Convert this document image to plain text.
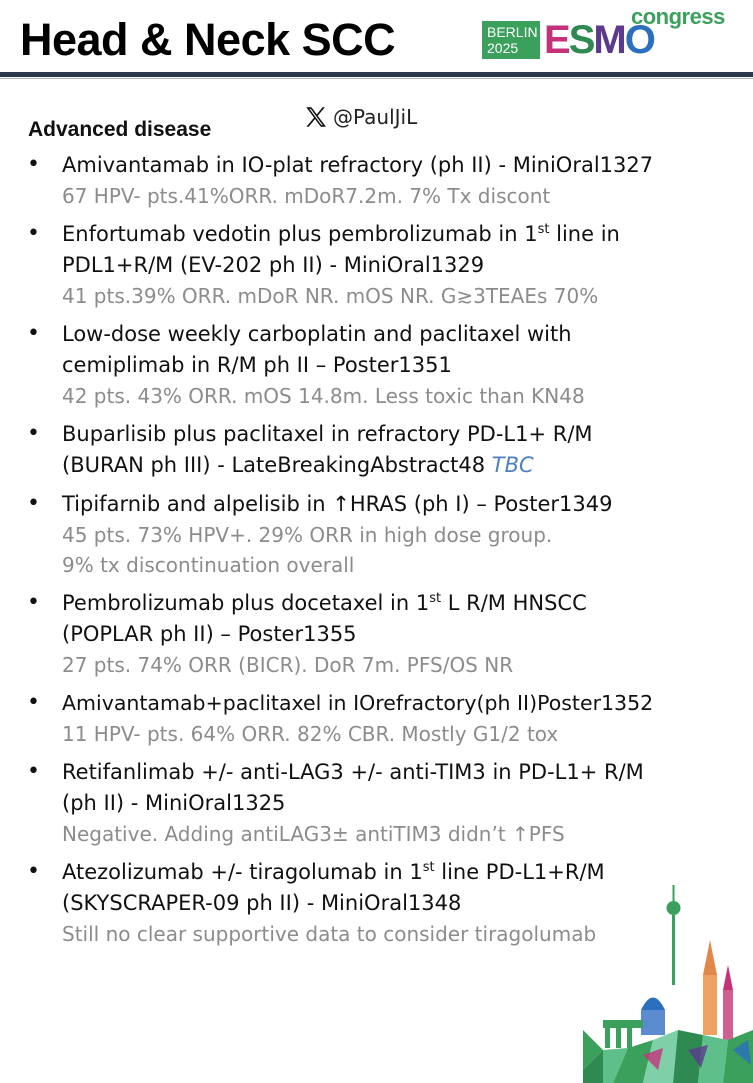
Head & Neck SCC	BERLIN
2025 ESMO
congress
@PaulJiL
Advanced disease
• Amivantamab in IO-plat refractory (ph II) - MiniOral1327
67 HPV- pts.41%ORR. mDoR7.2m. 7% Tx discont
• Enfortumab vedotin plus pembrolizumab in 1st line in
PDL1+R/M (EV-202 ph II) - MiniOral1329
41 pts.39% ORR. mDoR NR. mOS NR. G≳3TEAEs 70%
• Low-dose weekly carboplatin and paclitaxel with
cemiplimab in R/M ph II – Poster1351
42 pts. 43% ORR. mOS 14.8m. Less toxic than KN48
• Buparlisib plus paclitaxel in refractory PD-L1+ R/M
(BURAN ph III) - LateBreakingAbstract48 TBC
• Tipifarnib and alpelisib in ↑HRAS (ph I) – Poster1349
45 pts. 73% HPV+. 29% ORR in high dose group.
9% tx discontinuation overall
• Pembrolizumab plus docetaxel in 1st L R/M HNSCC
(POPLAR ph II) – Poster1355
27 pts. 74% ORR (BICR). DoR 7m. PFS/OS NR
• Amivantamab+paclitaxel in IOrefractory(ph II)Poster1352
11 HPV- pts. 64% ORR. 82% CBR. Mostly G1/2 tox
• Retifanlimab +/- anti-LAG3 +/- anti-TIM3 in PD-L1+ R/M
(ph II) - MiniOral1325
Negative. Adding antiLAG3± antiTIM3 didn’t ↑PFS
• Atezolizumab +/- tiragolumab in 1st line PD-L1+R/M
(SKYSCRAPER-09 ph II) - MiniOral1348
Still no clear supportive data to consider tiragolumab
